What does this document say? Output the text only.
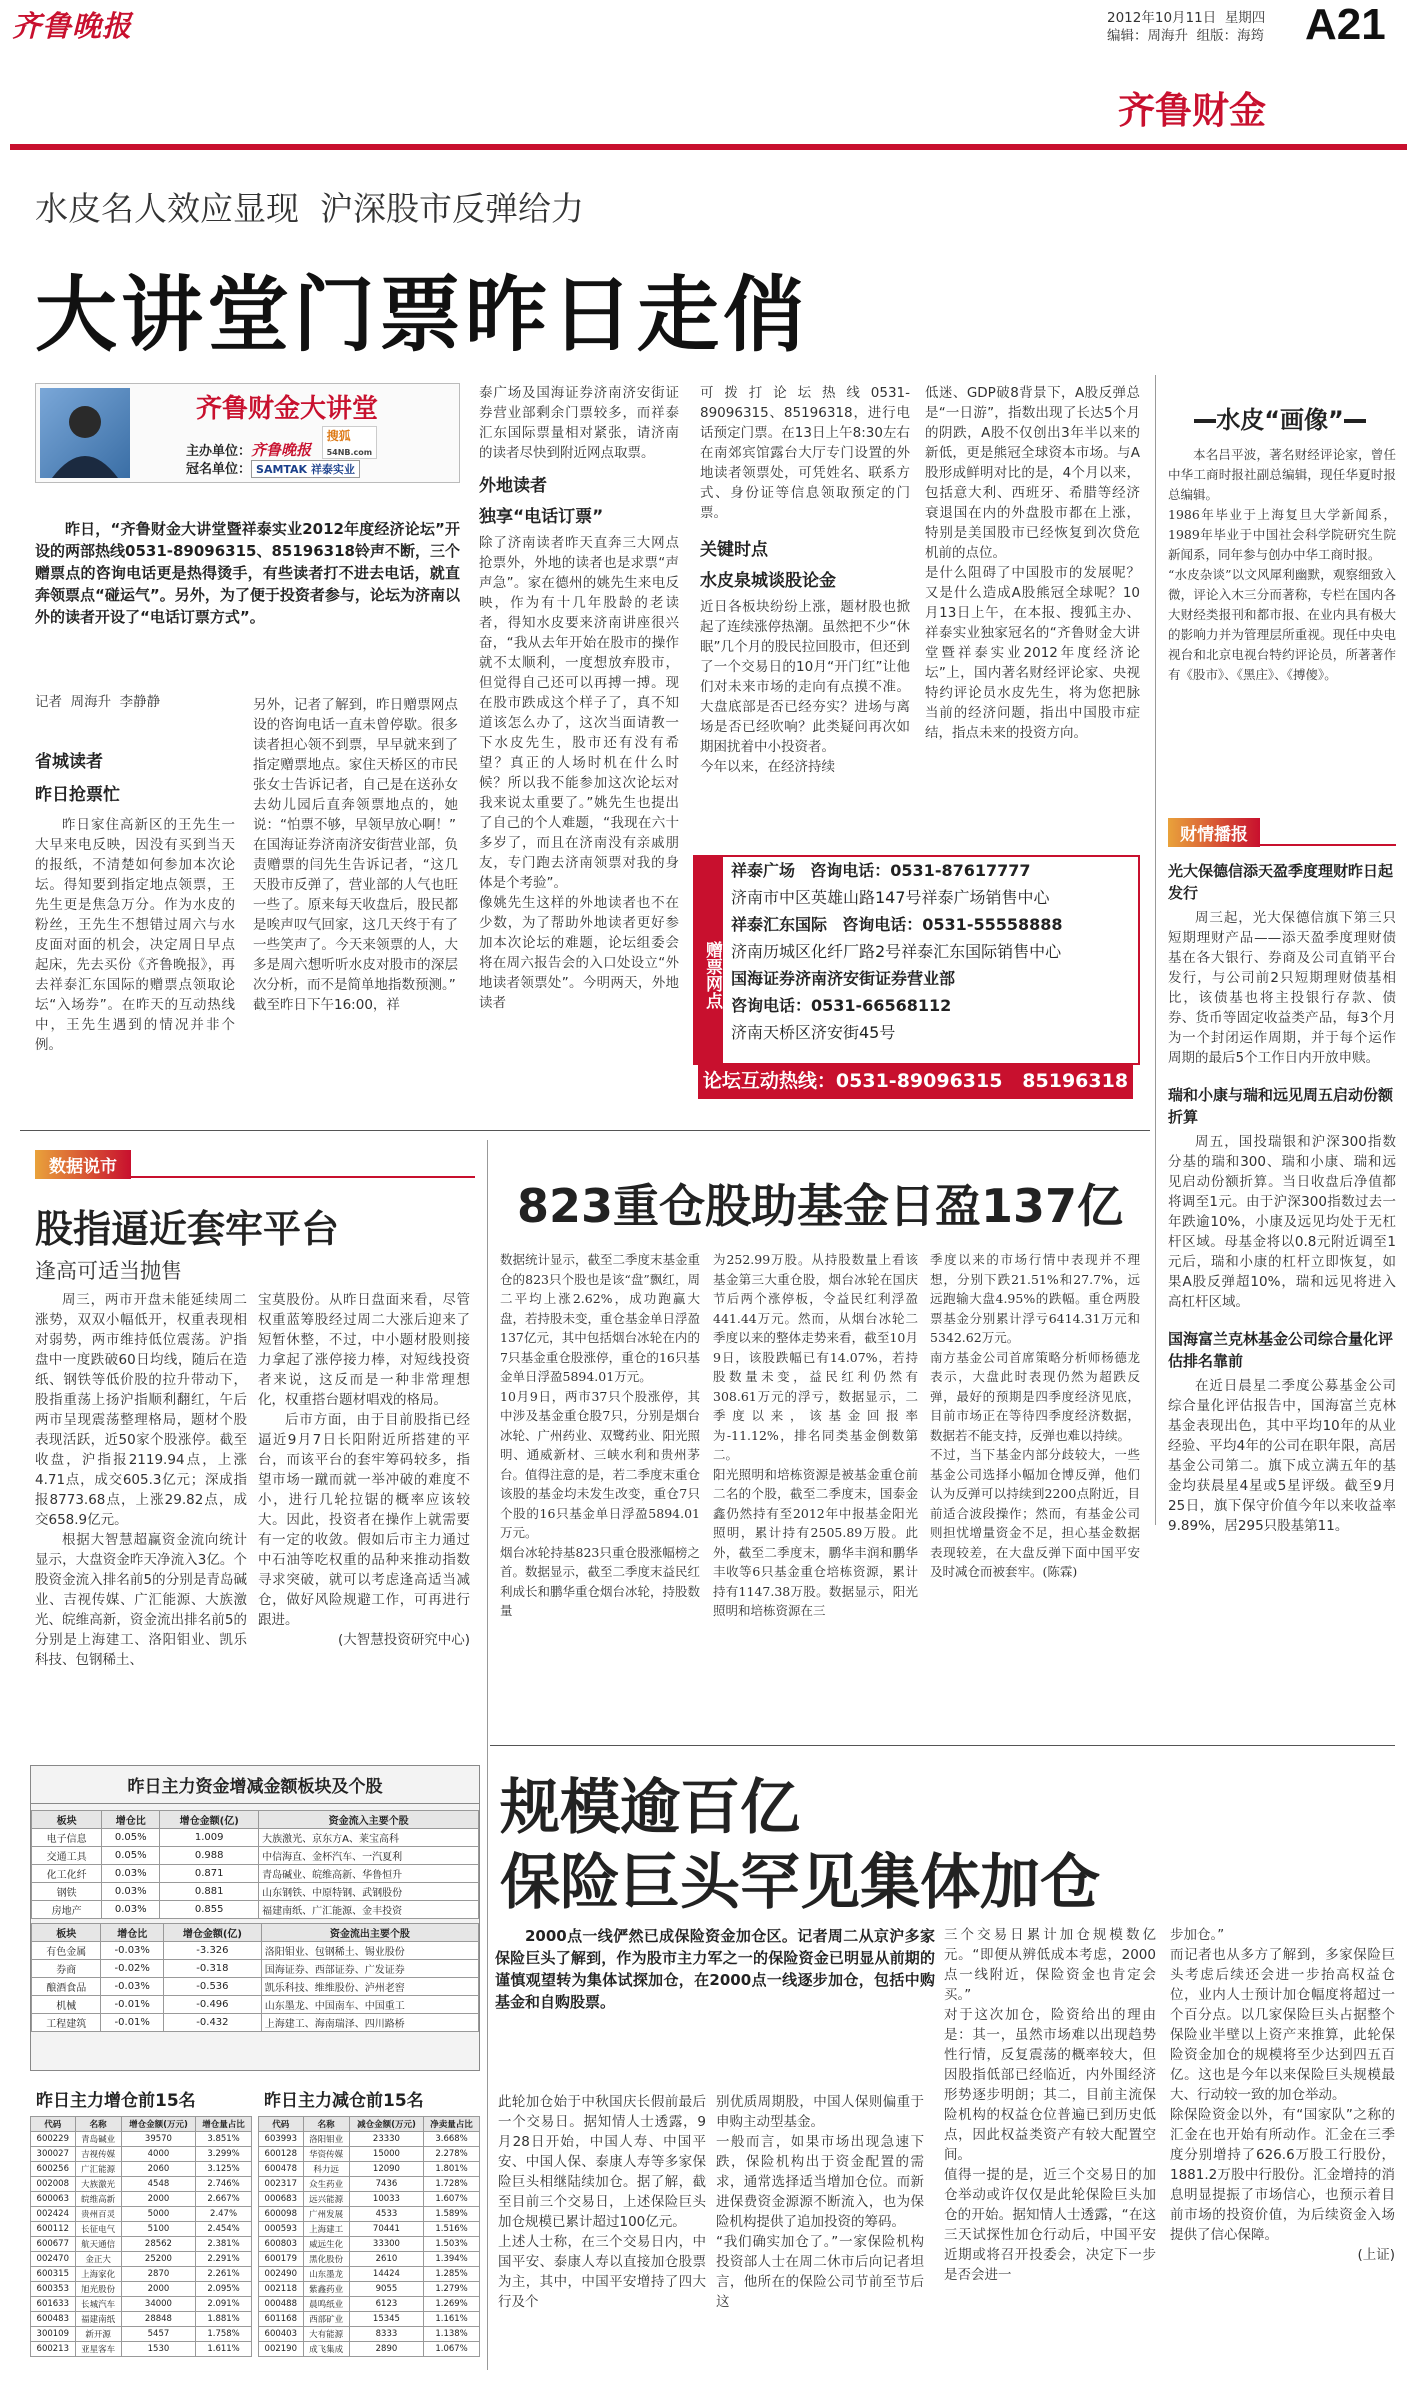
齐鲁晚报	2012年10月11日 星期四
编辑：周海升 组版：海筠 A21
齐鲁财金
水皮名人效应显现  沪深股市反弹给力
大讲堂门票昨日走俏
齐鲁财金大讲堂
主办单位：齐鲁晚报 搜狐
54NB.com
冠名单位： SAMTAK 祥泰实业
昨日，“齐鲁财金大讲堂暨祥泰实业2012年度经济论坛”开设的两部热线0531-89096315、85196318铃声不断，三个赠票点的咨询电话更是热得烫手，有些读者打不进去电话，就直奔领票点“碰运气”。另外，为了便于投资者参与，论坛为济南以外的读者开设了“电话订票方式”。
记者  周海升  李静静
省城读者
昨日抢票忙
昨日家住高新区的王先生一大早来电反映，因没有买到当天的报纸，不清楚如何参加本次论坛。得知要到指定地点领票，王先生更是焦急万分。作为水皮的粉丝，王先生不想错过周六与水皮面对面的机会，决定周日早点起床，先去买份《齐鲁晚报》，再去祥泰汇东国际的赠票点领取论坛“入场券”。在昨天的互动热线中，王先生遇到的情况并非个例。
另外，记者了解到，昨日赠票网点设的咨询电话一直未曾停歇。很多读者担心领不到票，早早就来到了指定赠票地点。家住天桥区的市民张女士告诉记者，自己是在送孙女去幼儿园后直奔领票地点的，她说：“怕票不够，早领早放心啊！”
在国海证券济南济安街营业部，负责赠票的闫先生告诉记者，“这几天股市反弹了，营业部的人气也旺一些了。原来每天收盘后，股民都是唉声叹气回家，这几天终于有了一些笑声了。今天来领票的人，大多是周六想听听水皮对股市的深层次分析，而不是简单地指数预测。”
截至昨日下午16:00，祥
泰广场及国海证券济南济安街证券营业部剩余门票较多，而祥泰汇东国际票量相对紧张，请济南的读者尽快到附近网点取票。
外地读者
独享“电话订票”
除了济南读者昨天直奔三大网点抢票外，外地的读者也是求票“声声急”。家在德州的姚先生来电反映，作为有十几年股龄的老读者，得知水皮要来济南讲座很兴奋，“我从去年开始在股市的操作就不太顺利，一度想放弃股市，但觉得自己还可以再搏一搏。现在股市跌成这个样子了，真不知道该怎么办了，这次当面请教一下水皮先生，股市还有没有希望？真正的人场时机在什么时候？所以我不能参加这次论坛对我来说太重要了。”姚先生也提出了自己的个人难题，“我现在六十多岁了，而且在济南没有亲戚朋友，专门跑去济南领票对我的身体是个考验”。
像姚先生这样的外地读者也不在少数，为了帮助外地读者更好参加本次论坛的难题，论坛组委会将在周六报告会的入口处设立“外地读者领票处”。今明两天，外地读者
可拨打论坛热线0531-89096315、85196318，进行电话预定门票。在13日上午8:30左右在南郊宾馆露台大厅专门设置的外地读者领票处，可凭姓名、联系方式、身份证等信息领取预定的门票。
关键时点
水皮泉城谈股论金
近日各板块纷纷上涨，题材股也掀起了连续涨停热潮。虽然把不少“休眠”几个月的股民拉回股市，但还到了一个交易日的10月“开门红”让他们对未来市场的走向有点摸不准。大盘底部是否已经夯实？进场与离场是否已经吹响？此类疑问再次如期困扰着中小投资者。
今年以来，在经济持续
低迷、GDP破8背景下，A股反弹总是“一日游”，指数出现了长达5个月的阴跌，A股不仅创出3年半以来的新低，更是熊冠全球资本市场。与A股形成鲜明对比的是，4个月以来，包括意大利、西班牙、希腊等经济衰退国在内的外盘股市都在上涨，特别是美国股市已经恢复到次贷危机前的点位。
是什么阻碍了中国股市的发展呢？又是什么造成A股熊冠全球呢？10月13日上午，在本报、搜狐主办、祥泰实业独家冠名的“齐鲁财金大讲堂暨祥泰实业2012年度经济论坛”上，国内著名财经评论家、央视特约评论员水皮先生，将为您把脉当前的经济问题，指出中国股市症结，指点未来的投资方向。
赠票网点
祥泰广场 咨询电话：0531-87617777
济南市中区英雄山路147号祥泰广场销售中心
祥泰汇东国际 咨询电话：0531-55558888
济南历城区化纤厂路2号祥泰汇东国际销售中心
国海证券济南济安街证券营业部
咨询电话：0531-66568112
济南天桥区济安街45号
论坛互动热线：0531-89096315   85196318
水皮“画像”
本名吕平波，著名财经评论家，曾任中华工商时报社副总编辑，现任华夏时报总编辑。
1986年毕业于上海复旦大学新闻系，1989年毕业于中国社会科学院研究生院新闻系，同年参与创办中华工商时报。
“水皮杂谈”以文风犀利幽默，观察细致入微，评论入木三分而著称，专栏在国内各大财经类报刊和都市报、在业内具有极大的影响力并为管理层所重视。现任中央电视台和北京电视台特约评论员，所著著作有《股市》、《黑庄》、《搏傻》。
财情播报
光大保德信添天盈季度理财昨日起发行
周三起，光大保德信旗下第三只短期理财产品——添天盈季度理财债基在各大银行、券商及公司直销平台发行，与公司前2只短期理财债基相比，该债基也将主投银行存款、债券、货币等固定收益类产品，每3个月为一个封闭运作周期，并于每个运作周期的最后5个工作日内开放申赎。
瑞和小康与瑞和远见周五启动份额折算
周五，国投瑞银和沪深300指数分基的瑞和300、瑞和小康、瑞和远见启动份额折算。当日收盘后净值都将调至1元。由于沪深300指数过去一年跌逾10%，小康及远见均处于无杠杆区域。母基金将以0.8元附近调至1元后，瑞和小康的杠杆立即恢复，如果A股反弹超10%，瑞和远见将进入高杠杆区域。
国海富兰克林基金公司综合量化评估排名靠前
在近日晨星二季度公募基金公司综合量化评估报告中，国海富兰克林基金表现出色，其中平均10年的从业经验、平均4年的公司在职年限，高居基金公司第二。旗下成立满五年的基金均获晨星4星或5星评级。截至9月25日，旗下保守价值今年以来收益率9.89%，居295只股基第11。
数据说市
股指逼近套牢平台
逢高可适当抛售
周三，两市开盘未能延续周二涨势，双双小幅低开，权重表现相对弱势，两市维持低位震荡。沪指盘中一度跌破60日均线，随后在造纸、钢铁等低价股的拉升带动下，股指重荡上扬沪指顺利翻红，午后两市呈现震荡整理格局，题材个股表现活跃，近50家个股涨停。截至收盘，沪指报2119.94点，上涨4.71点，成交605.3亿元；深成指报8773.68点，上涨29.82点，成交658.9亿元。
根据大智慧超赢资金流向统计显示，大盘资金昨天净流入3亿。个股资金流入排名前5的分别是青岛碱业、吉视传媒、广汇能源、大族激光、皖维高新，资金流出排名前5的分别是上海建工、洛阳钼业、凯乐科技、包钢稀土、
宝莫股份。从昨日盘面来看，尽管权重蓝筹股经过周二大涨后迎来了短暂休整，不过，中小题材股则接力拿起了涨停接力棒，对短线投资者来说，这反而是一种非常理想化，权重搭台题材唱戏的格局。
后市方面，由于目前股指已经逼近9月7日长阳附近所搭建的平台，而该平台的套牢筹码较多，指望市场一蹴而就一举冲破的难度不小，进行几轮拉锯的概率应该较大。因此，投资者在操作上就需要有一定的收敛。假如后市主力通过中石油等吃权重的品种来推动指数寻求突破，就可以考虑逢高适当减仓，做好风险规避工作，可再进行跟进。
(大智慧投资研究中心)
昨日主力资金增减金额板块及个股
板块	增仓比	增仓金额(亿)	资金流入主要个股
电子信息	0.05%	1.009	大族激光、京东方A、莱宝高科
交通工具	0.05%	0.988	中信海直、金杯汽车、一汽夏利
化工化纤	0.03%	0.871	青岛碱业、皖维高新、华鲁恒升
钢铁	0.03%	0.881	山东钢铁、中原特钢、武钢股份
房地产	0.03%	0.855	福建南纸、广汇能源、金丰投资
板块	增仓比	增仓金额(亿)	资金流出主要个股
有色金属	-0.03%	-3.326	洛阳钼业、包钢稀土、锡业股份
券商	-0.02%	-0.318	国海证券、西部证券、广发证券
酿酒食品	-0.03%	-0.536	凯乐科技、维维股份、泸州老窖
机械	-0.01%	-0.496	山东墨龙、中国南车、中国重工
工程建筑	-0.01%	-0.432	上海建工、海南瑞泽、四川路桥
昨日主力增仓前15名
代码	名称	增仓金额(万元)	增仓量占比
600229	青岛碱业	39570	3.851%
300027	吉视传媒	4000	3.299%
600256	广汇能源	2060	3.125%
002008	大族激光	4548	2.746%
600063	皖维高新	2000	2.667%
002424	贵州百灵	5000	2.47%
600112	长征电气	5100	2.454%
600677	航天通信	28562	2.381%
002470	金正大	25200	2.291%
600315	上海家化	2870	2.261%
600353	旭光股份	2000	2.095%
601633	长城汽车	34000	2.091%
600483	福建南纸	28848	1.881%
300109	新开源	5457	1.758%
600213	亚星客车	1530	1.611%
昨日主力减仓前15名
代码	名称	减仓金额(万元)	净卖量占比
603993	洛阳钼业	23330	3.668%
600128	华资传媒	15000	2.278%
600478	科力远	12090	1.801%
002317	众生药业	7436	1.728%
000683	远兴能源	10033	1.607%
600098	广州发展	4533	1.589%
000593	上海建工	70441	1.516%
600803	威远生化	33300	1.503%
600179	黑化股份	2610	1.394%
002490	山东墨龙	14424	1.285%
002118	紫鑫药业	9055	1.279%
000488	晨鸣纸业	6123	1.269%
601168	西部矿业	15345	1.161%
600403	大有能源	8333	1.138%
002190	成飞集成	2890	1.067%
823重仓股助基金日盈137亿
数据统计显示，截至二季度末基金重仓的823只个股也是该“盘”飘红，周二平均上涨2.62%，成功跑赢大盘，若持股未变，重仓基金单日浮盈137亿元，其中包括烟台冰轮在内的7只基金重仓股涨停，重仓的16只基金单日浮盈5894.01万元。
10月9日，两市37只个股涨停，其中涉及基金重仓股7只，分别是烟台冰轮、广州药业、双鹭药业、阳光照明、通威新材、三峡水利和贵州茅台。值得注意的是，若二季度末重仓该股的基金均未发生改变，重仓7只个股的16只基金单日浮盈5894.01万元。
烟台冰轮持基823只重仓股涨幅榜之首。数据显示，截至二季度末益民红利成长和鹏华重仓烟台冰轮，持股数量
为252.99万股。从持股数量上看该基金第三大重仓股，烟台冰轮在国庆节后两个涨停板，令益民红利浮盈441.44万元。然而，从烟台冰轮二季度以来的整体走势来看，截至10月9日，该股跌幅已有14.07%，若持股数量未变，益民红利仍然有308.61万元的浮亏，数据显示，二季度以来，该基金回报率为-11.12%，排名同类基金倒数第二。
阳光照明和培栋资源是被基金重仓前二名的个股，截至二季度末，国泰金鑫仍然持有至2012年中报基金阳光照明，累计持有2505.89万股。此外，截至二季度末，鹏华丰润和鹏华丰收等6只基金重仓培栋资源，累计持有1147.38万股。数据显示，阳光照明和培栋资源在三
季度以来的市场行情中表现并不理想，分别下跌21.51%和27.7%，远远跑输大盘4.95%的跌幅。重仓两股票基金分别累计浮亏6414.31万元和5342.62万元。
南方基金公司首席策略分析师杨德龙表示，大盘此时表现仍然为超跌反弹，最好的预期是四季度经济见底，目前市场正在等待四季度经济数据，数据若不能支持，反弹也难以持续。
不过，当下基金内部分歧较大，一些基金公司选择小幅加仓博反弹，他们认为反弹可以持续到2200点附近，目前适合波段操作；然而，有基金公司则担忧增量资金不足，担心基金数据表现较差，在大盘反弹下面中国平安及时减仓而被套牢。(陈霖)
规模逾百亿
保险巨头罕见集体加仓
2000点一线俨然已成保险资金加仓区。记者周二从京沪多家保险巨头了解到，作为股市主力军之一的保险资金已明显从前期的谨慎观望转为集体试探加仓，在2000点一线逐步加仓，包括中购基金和自购股票。
此轮加仓始于中秋国庆长假前最后一个交易日。据知情人士透露，9月28日开始，中国人寿、中国平安、中国人保、泰康人寿等多家保险巨头相继陆续加仓。据了解，截至目前三个交易日，上述保险巨头加仓规模已累计超过100亿元。
上述人士称，在三个交易日内，中国平安、泰康人寿以直接加仓股票为主，其中，中国平安增持了四大行及个
别优质周期股，中国人保则偏重于申购主动型基金。
一般而言，如果市场出现急速下跌，保险机构出于资金配置的需求，通常选择适当增加仓位。而新进保费资金源源不断流入，也为保险机构提供了追加投资的筹码。
“我们确实加仓了。”一家保险机构投资部人士在周二休市后向记者坦言，他所在的保险公司节前至节后这
三个交易日累计加仓规模数亿元。“即便从辨低成本考虑，2000点一线附近，保险资金也肯定会买。”
对于这次加仓，险资给出的理由是：其一，虽然市场难以出现趋势性行情，反复震荡的概率较大，但因股指低部已经临近，内外围经济形势逐步明朗；其二，目前主流保险机构的权益仓位普遍已到历史低点，因此权益类资产有较大配置空间。
值得一提的是，近三个交易日的加仓举动或许仅仅是此轮保险巨头加仓的开始。据知情人士透露，“在这三天试探性加仓行动后，中国平安近期或将召开投委会，决定下一步是否会进一
步加仓。”
而记者也从多方了解到，多家保险巨头考虑后续还会进一步抬高权益仓位，业内人士预计加仓幅度将超过一个百分点。以几家保险巨头占据整个保险业半壁以上资产来推算，此轮保险资金加仓的规模将至少达到四五百亿。这也是今年以来保险巨头规模最大、行动较一致的加仓举动。
除保险资金以外，有“国家队”之称的汇金在也开始有所动作。汇金在三季度分别增持了626.6万股工行股份，1881.2万股中行股份。汇金增持的消息明显提振了市场信心，也预示着目前市场的投资价值，为后续资金入场提供了信心保障。
(上证)
